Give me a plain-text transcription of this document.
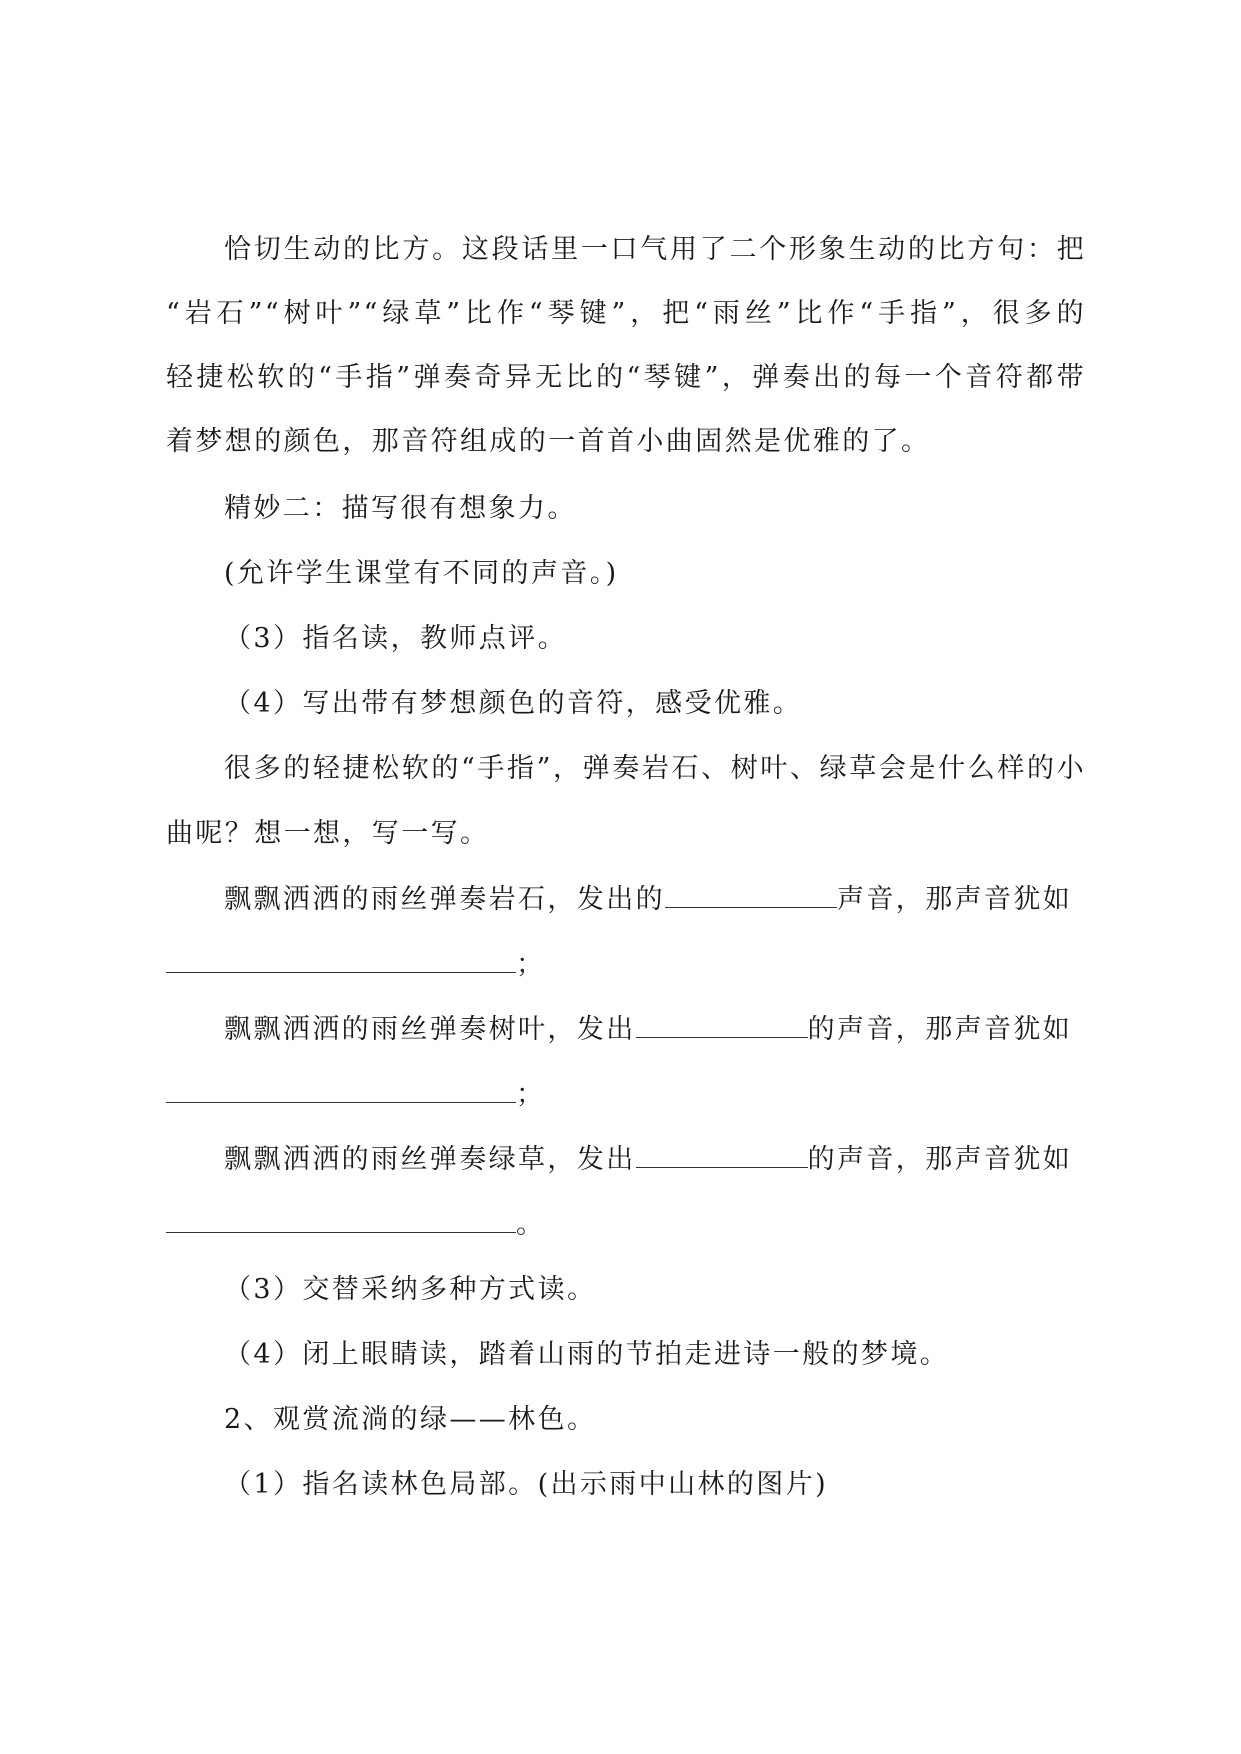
恰切生动的比方。这段话里一口气用了二个形象生动的比方句：把
“岩石”“树叶”“绿草”比作“琴键”，把“雨丝”比作“手指”，很多的
轻捷松软的“手指”弹奏奇异无比的“琴键”，弹奏出的每一个音符都带
着梦想的颜色，那音符组成的一首首小曲固然是优雅的了。
精妙二：描写很有想象力。
(允许学生课堂有不同的声音。)
（3）指名读，教师点评。
（4）写出带有梦想颜色的音符，感受优雅。
很多的轻捷松软的“手指”，弹奏岩石、树叶、绿草会是什么样的小
曲呢？想一想，写一写。
飘飘洒洒的雨丝弹奏岩石，发出的	声音，那声音犹如
；
飘飘洒洒的雨丝弹奏树叶，发出	的声音，那声音犹如
；
飘飘洒洒的雨丝弹奏绿草，发出	的声音，那声音犹如
。
（3）交替采纳多种方式读。
（4）闭上眼睛读，踏着山雨的节拍走进诗一般的梦境。
2、观赏流淌的绿——林色。
（1）指名读林色局部。(出示雨中山林的图片)
